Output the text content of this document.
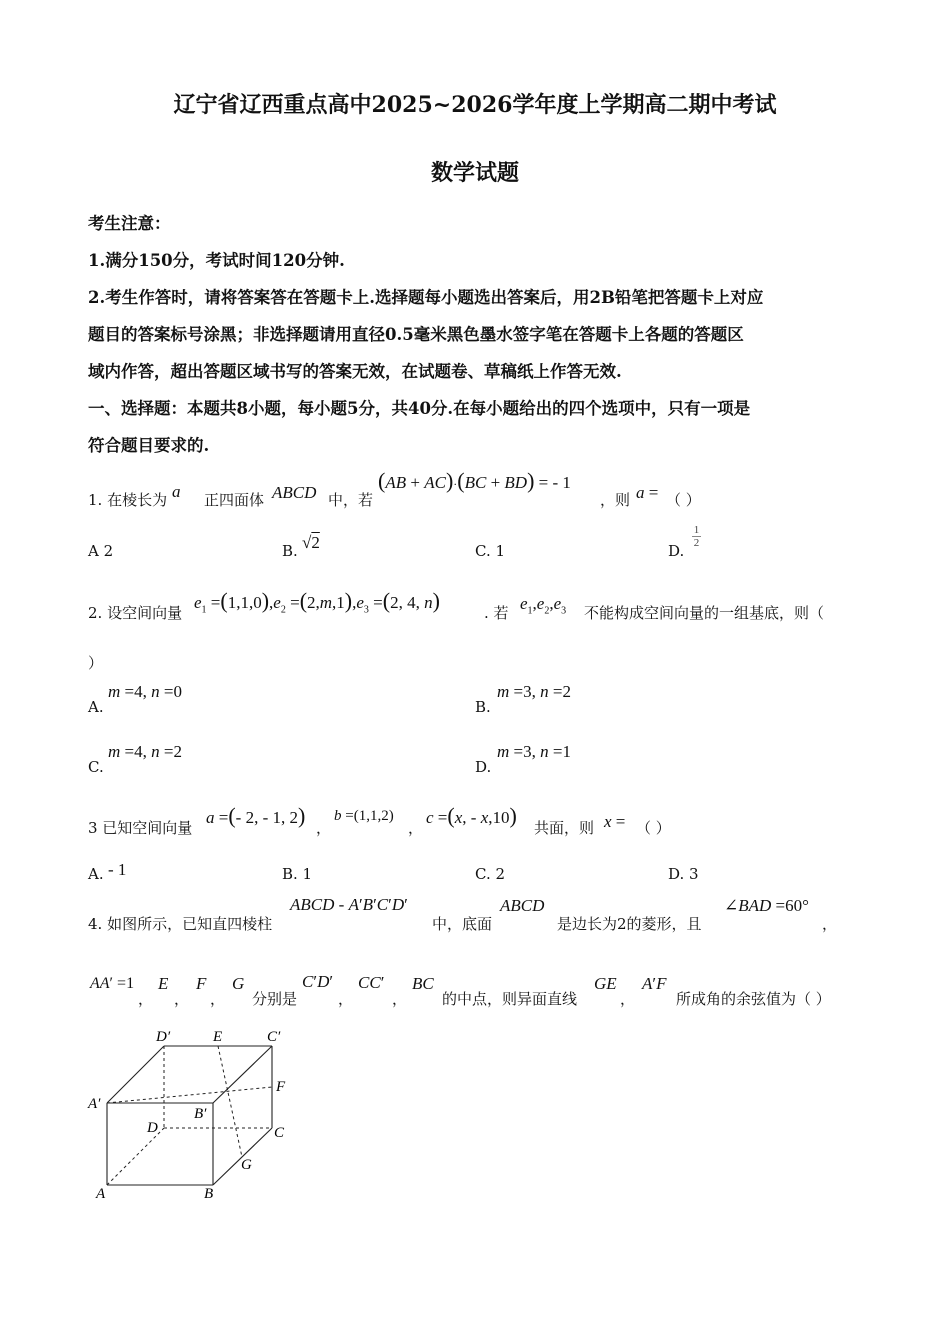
辽宁省辽西重点高中2025~2026学年度上学期高二期中考试
数学试题
考生注意：
1.满分150分，考试时间120分钟.
2.考生作答时，请将答案答在答题卡上.选择题每小题选出答案后，用2B铅笔把答题卡上对应
题目的答案标号涂黑；非选择题请用直径0.5毫米黑色墨水签字笔在答题卡上各题的答题区
域内作答，超出答题区域书写的答案无效，在试题卷、草稿纸上作答无效.
一、选择题：本题共8小题，每小题5分，共40分.在每小题给出的四个选项中，只有一项是
符合题目要求的.
1. 在棱长为 a 正四面体 ABCD 中，若
(AB + AC)·(BC + BD) = - 1
，则 a = （ ）
A 2	B. √2	C. 1	D.
1
2
2. 设空间向量
$e_1 =(1,1,0),e_2 =(2,m,1),e_3 =(2$, 4, n)	. 若 $e_1,e_2,e_3$ 不能构成空间向量的一组基底，则（
）
A.
m =4, n =0
B.
m =3, n =2
C.
m =4, n =2
D.
m =3, n =1
3 已知空间向量
a =(- 2, - 1, 2) ，
b =(1,1,2)
，
c =(x, - x,10) 共面，则 x = （ ）
A. - 1	B. 1	C. 2	D. 3
4. 如图所示，已知直四棱柱
ABCD - A′B′C′D′
中，底面
ABCD
是边长为2的菱形，且
∠BAD =60°
，
AA′ =1
，
E
，
F
，
G
分别是
C′D′
，
CC′
，
BC
的中点，则异面直线
GE
，
A′F
所成角的余弦值为（ ）
D′	E	C′
A′
F
B′
D	C
G
A	B
